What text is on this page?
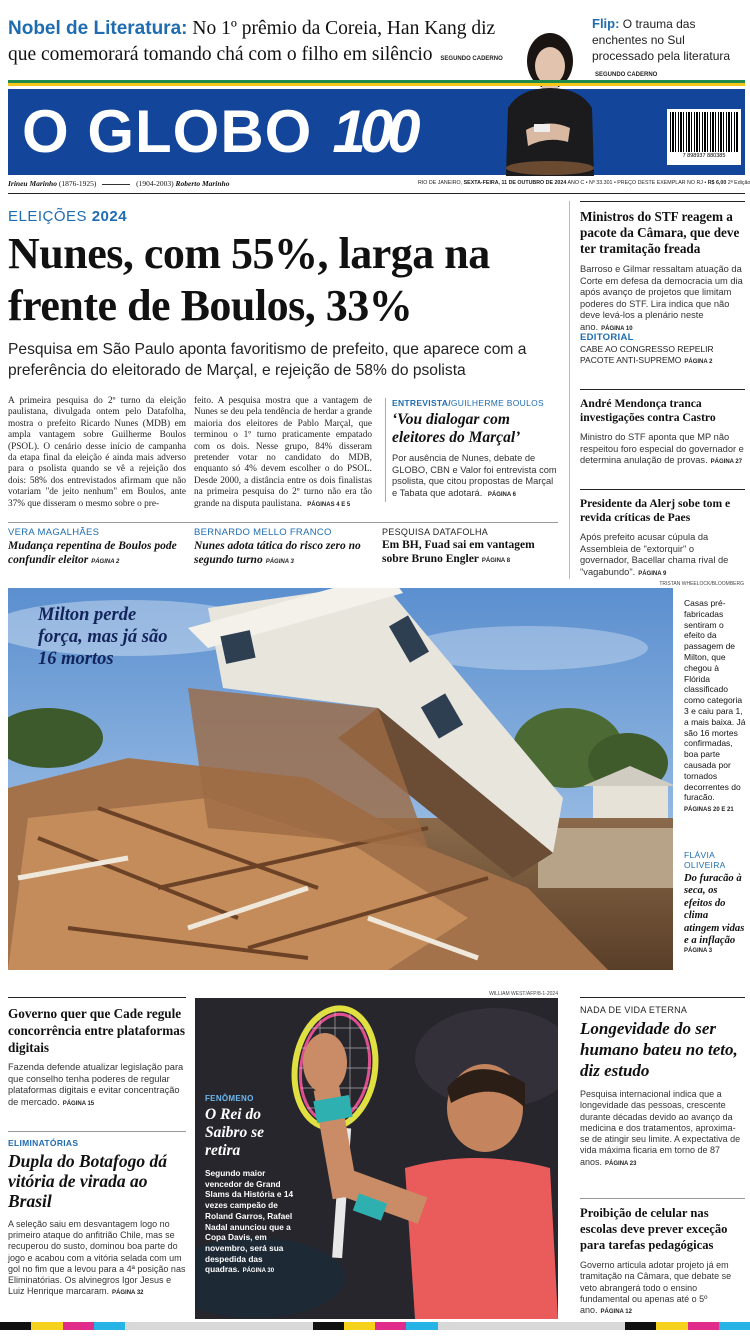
Nobel de Literatura: No 1º prêmio da Coreia, Han Kang diz que comemorará tomando chá com o filho em silêncio SEGUNDO CADERNO
Flip: O trauma das enchentes no Sul processado pela literatura SEGUNDO CADERNO
O GLOBO 100	7 898937 880385
Irineu Marinho (1876-1925)	(1904-2003) Roberto Marinho	RIO DE JANEIRO, SEXTA-FEIRA, 11 DE OUTUBRO DE 2024 ANO C • Nº 33.301 • PREÇO DESTE EXEMPLAR NO RJ • R$ 6,00 2ª Edição
ELEIÇÕES 2024
Nunes, com 55%, larga na frente de Boulos, 33%
Pesquisa em São Paulo aponta favoritismo de prefeito, que aparece com a preferência do eleitorado de Marçal, e rejeição de 58% do psolista
A primeira pesquisa do 2º turno da eleição paulistana, divulgada ontem pelo Datafolha, mostra o prefeito Ricardo Nunes (MDB) em ampla vantagem sobre Guilherme Boulos (PSOL). O cenário desse início de campanha da etapa final da eleição é ainda mais adverso para o psolista quando se vê a rejeição dos dois: 58% dos entrevistados afirmam que não votariam "de jeito nenhum" em Boulos, ante 37% que disseram o mesmo sobre o pre-
feito. A pesquisa mostra que a vantagem de Nunes se deu pela tendência de herdar a grande maioria dos eleitores de Pablo Marçal, que terminou o 1º turno praticamente empatado com os dois. Nesse grupo, 84% disseram pretender votar no candidato do MDB, enquanto só 4% devem escolher o do PSOL. Desde 2000, a distância entre os dois finalistas na primeira pesquisa do 2º turno não era tão grande na disputa paulistana. PÁGINAS 4 E 5
ENTREVISTA/GUILHERME BOULOS
‘Vou dialogar com eleitores do Marçal’
Por ausência de Nunes, debate de GLOBO, CBN e Valor foi entrevista com psolista, que citou propostas de Marçal e Tabata que adotará. PÁGINA 6
VERA MAGALHÃES
Mudança repentina de Boulos pode confundir eleitor PÁGINA 2
BERNARDO MELLO FRANCO
Nunes adota tática do risco zero no segundo turno PÁGINA 3
PESQUISA DATAFOLHA
Em BH, Fuad sai em vantagem sobre Bruno Engler PÁGINA 8
Ministros do STF reagem a pacote da Câmara, que deve ter tramitação freada
Barroso e Gilmar ressaltam atuação da Corte em defesa da democracia um dia após avanço de projetos que limitam poderes do STF. Lira indica que não deve levá-los a plenário neste ano. PÁGINA 10
EDITORIAL
CABE AO CONGRESSO REPELIR PACOTE ANTI-SUPREMO PÁGINA 2
André Mendonça tranca investigações contra Castro
Ministro do STF aponta que MP não respeitou foro especial do governador e determina anulação de provas. PÁGINA 27
Presidente da Alerj sobe tom e revida críticas de Paes
Após prefeito acusar cúpula da Assembleia de "extorquir" o governador, Bacellar chama rival de "vagabundo". PÁGINA 9
TRISTAN WHEELOCK/BLOOMBERG
Milton perde força, mas já são 16 mortos
Casas pré-fabricadas sentiram o efeito da passagem de Milton, que chegou à Flórida classificado como categoria 3 e caiu para 1, a mais baixa. Já são 16 mortes confirmadas, boa parte causada por tornados decorrentes do furacão.
PÁGINAS 20 E 21
FLÁVIA OLIVEIRA
Do furacão à seca, os efeitos do clima atingem vidas e a inflação
PÁGINA 3
Governo quer que Cade regule concorrência entre plataformas digitais
Fazenda defende atualizar legislação para que conselho tenha poderes de regular plataformas digitais e evitar concentração de mercado. PÁGINA 15
ELIMINATÓRIAS
Dupla do Botafogo dá vitória de virada ao Brasil
A seleção saiu em desvantagem logo no primeiro ataque do anfitrião Chile, mas se recuperou do susto, dominou boa parte do jogo e acabou com a vitória selada com um gol no fim que a levou para a 4ª posição nas Eliminatórias. Os alvinegros Igor Jesus e Luiz Henrique marcaram. PÁGINA 32
WILLIAM WEST/AFP/8-1-2024
FENÔMENO
O Rei do Saibro se retira
Segundo maior vencedor de Grand Slams da História e 14 vezes campeão de Roland Garros, Rafael Nadal anunciou que a Copa Davis, em novembro, será sua despedida das quadras. PÁGINA 30
NADA DE VIDA ETERNA
Longevidade do ser humano bateu no teto, diz estudo
Pesquisa internacional indica que a longevidade das pessoas, crescente durante décadas devido ao avanço da medicina e dos tratamentos, aproxima-se de atingir seu limite. A expectativa de vida máxima ficaria em torno de 87 anos. PÁGINA 23
Proibição de celular nas escolas deve prever exceção para tarefas pedagógicas
Governo articula adotar projeto já em tramitação na Câmara, que debate se veto abrangerá todo o ensino fundamental ou apenas até o 5º ano. PÁGINA 12
